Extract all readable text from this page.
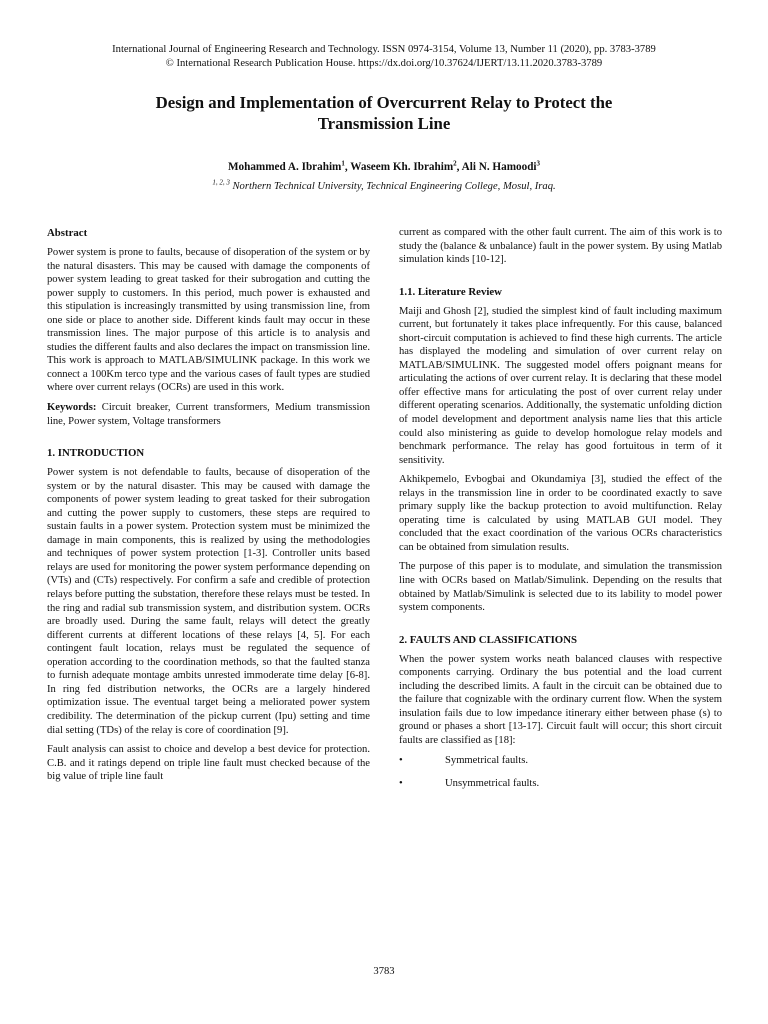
International Journal of Engineering Research and Technology. ISSN 0974-3154, Volume 13, Number 11 (2020), pp. 3783-3789
© International Research Publication House. https://dx.doi.org/10.37624/IJERT/13.11.2020.3783-3789
Design and Implementation of Overcurrent Relay to Protect the
Transmission Line
Mohammed A. Ibrahim$^1$, Waseem Kh. Ibrahim$^2$, Ali N. Hamoodi$^3$
$^{1, 2, 3}$ Northern Technical University, Technical Engineering College, Mosul, Iraq.
Abstract

Power system is prone to faults, because of disoperation of the system or by the natural disasters. This may be caused with damage the components of power system leading to great tasked for their subrogation and cutting the power supply to customers. In this period, much power is exhausted and this stipulation is increasingly transmitted by using transmission line, from one side or place to another side. Different kinds fault may occur in these transmission lines. The major purpose of this article is to analysis and studies the different faults and also declares the impact on transmission line. This work is approach to MATLAB/SIMULINK package. In this work we connect a 100Km terco type and the various cases of fault types are studied where over current relays (OCRs) are used in this work.

Keywords: Circuit breaker, Current transformers, Medium transmission line, Power system, Voltage transformers

1. INTRODUCTION

Power system is not defendable to faults, because of disoperation of the system or by the natural disaster. This may be caused with damage the components of power system leading to great tasked for their subrogation and cutting the power supply to customers, these steps are required to sustain faults in a power system. Protection system must be minimized the damage in main components, this is realized by using the methodologies and techniques of power system protection [1-3]. Controller units based relays are used for monitoring the power system performance depending on (VTs) and (CTs) respectively. For confirm a safe and credible of protection relays before putting the substation, therefore these relays must be tested. In the ring and radial sub transmission system, and distribution system. OCRs are broadly used. During the same fault, relays will detect the greatly different currents at different locations of these relays [4, 5]. For each contingent fault location, relays must be regulated the sequence of operation according to the coordination methods, so that the faulted stanza to furnish adequate montage ambits unrested immoderate time delay [6-8]. In ring fed distribution networks, the OCRs are a largely hindered optimization issue. The eventual target being a meliorated power system credibility. The determination of the pickup current (Ipu) setting and time dial setting (TDs) of the relay is core of coordination [9].

Fault analysis can assist to choice and develop a best device for protection. C.B. and it ratings depend on triple line fault must checked because of the big value of triple line fault

current as compared with the other fault current. The aim of this work is to study the (balance & unbalance) fault in the power system. By using Matlab simulation kinds [10-12].

1.1. Literature Review

Maiji and Ghosh [2], studied the simplest kind of fault including maximum current, but fortunately it takes place infrequently. For this cause, balanced short-circuit computation is achieved to find these high currents. The article has displayed the modeling and simulation of over current relay on MATLAB/SIMULINK. The suggested model offers poignant means for articulating the actions of over current relay. It is declaring that these model offer effective mans for articulating the post of over current relay under different operating scenarios. Additionally, the systematic unfolding diction of model development and deportment analysis name lies that this article could also ministering as guide to develop homologue relay models and benchmark performance. The relay has good fortuitous in term of it sensitivity.

Akhikpemelo, Evbogbai and Okundamiya [3], studied the effect of the relays in the transmission line in order to be coordinated exactly to save primary supply like the backup protection to avoid multifunction. Relay operating time is calculated by using MATLAB GUI model. They concluded that the exact coordination of the various OCRs characteristics can be obtained from simulation results.

The purpose of this paper is to modulate, and simulation the transmission line with OCRs based on Matlab/Simulink. Depending on the results that obtained by Matlab/Simulink is selected due to its lability to model power system components.

2. FAULTS AND CLASSIFICATIONS

When the power system works neath balanced clauses with respective components carrying. Ordinary the bus potential and the load current including the described limits. A fault in the circuit can be obtained due to the failure that cognizable with the ordinary current flow. When the system insulation fails due to low impedance itinerary either between phase (s) to ground or phases a short [13-17]. Circuit fault will occur; this short circuit faults are classified as [18]:

•	Symmetrical faults.
•	Unsymmetrical faults.
3783
